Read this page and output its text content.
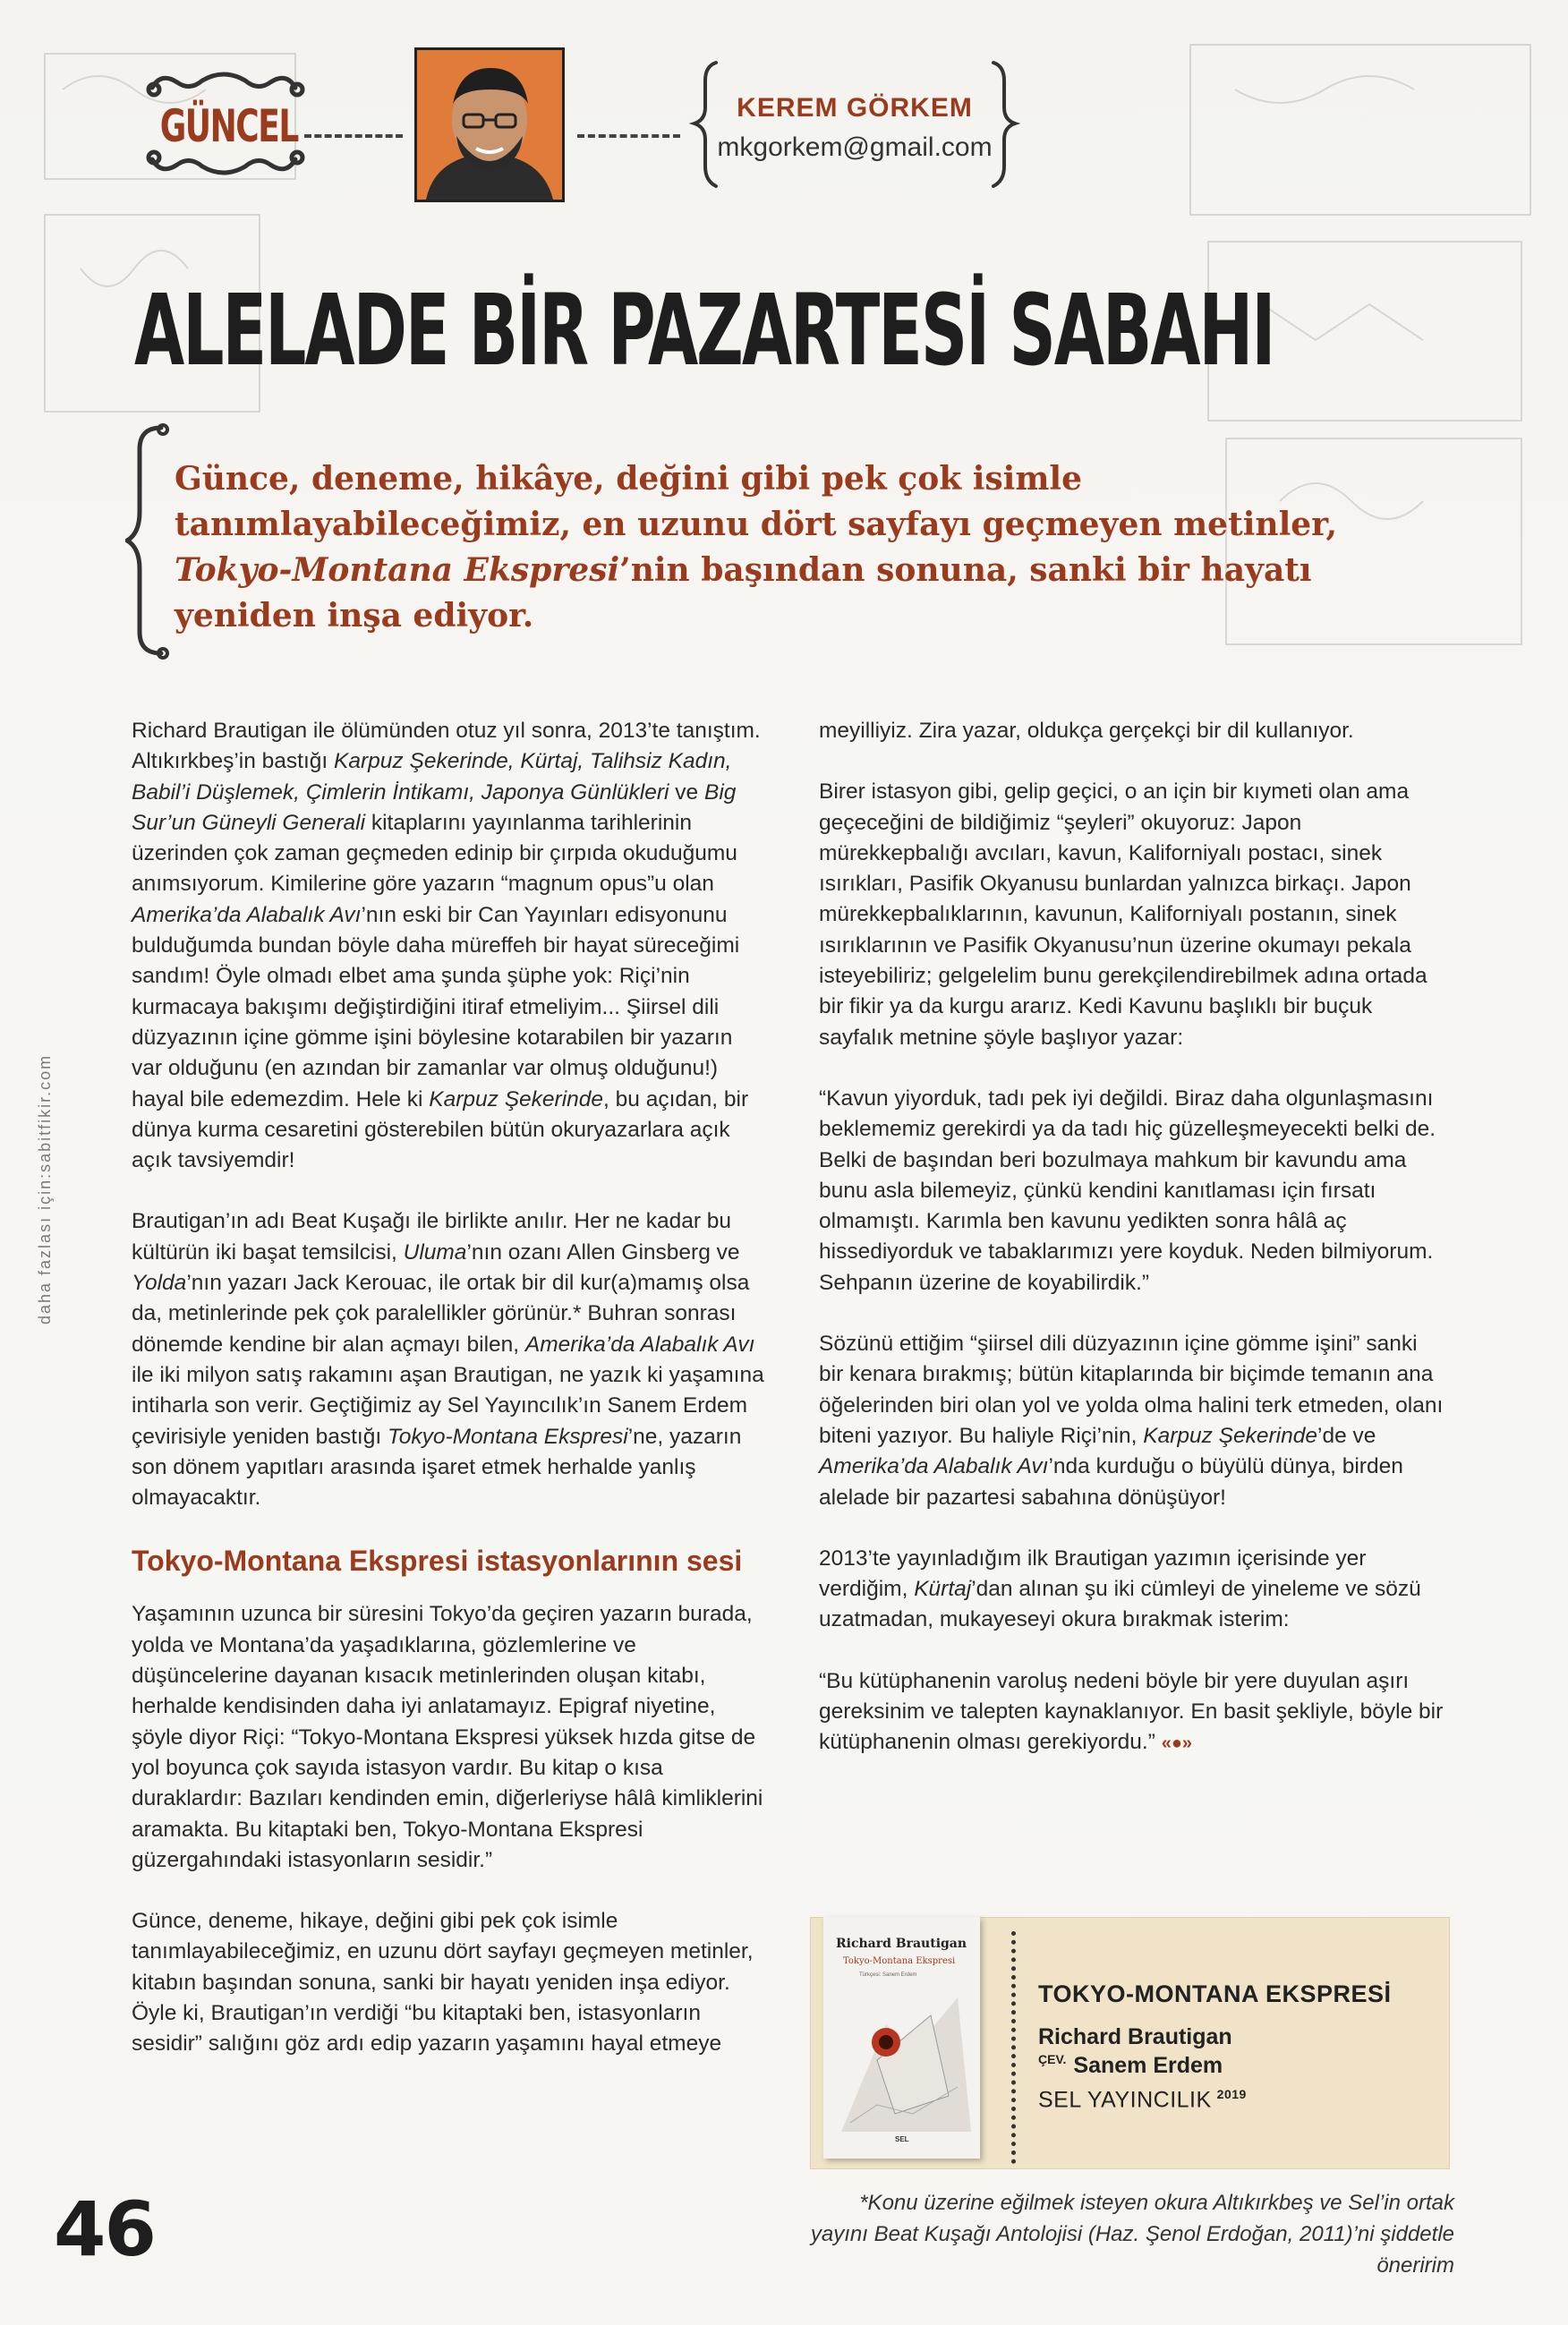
GÜNCEL	KEREM GÖRKEM
mkgorkem@gmail.com
ALELADE BİR PAZARTESİ SABAHI
Günce, deneme, hikâye, değini gibi pek çok isimle
tanımlayabileceğimiz, en uzunu dört sayfayı geçmeyen metinler,
Tokyo-Montana Ekspresi’nin başından sonuna, sanki bir hayatı
yeniden inşa ediyor.
daha fazlası için:sabitfikir.com

Richard Brautigan ile ölümünden otuz yıl sonra, 2013’te tanıştım. Altıkırkbeş’in bastığı Karpuz Şekerinde, Kürtaj, Talihsiz Kadın, Babil’i Düşlemek, Çimlerin İntikamı, Japonya Günlükleri ve Big Sur’un Güneyli Generali kitaplarını yayınlanma tarihlerinin üzerinden çok zaman geçmeden edinip bir çırpıda okuduğumu anımsıyorum. Kimilerine göre yazarın “magnum opus”u olan Amerika’da Alabalık Avı’nın eski bir Can Yayınları edisyonunu bulduğumda bundan böyle daha müreffeh bir hayat süreceğimi sandım! Öyle olmadı elbet ama şunda şüphe yok: Riçi’nin kurmacaya bakışımı değiştirdiğini itiraf etmeliyim... Şiirsel dili düzyazının içine gömme işini böylesine kotarabilen bir yazarın var olduğunu (en azından bir zamanlar var olmuş olduğunu!) hayal bile edemezdim. Hele ki Karpuz Şekerinde, bu açıdan, bir dünya kurma cesaretini gösterebilen bütün okuryazarlara açık açık tavsiyemdir!

Brautigan’ın adı Beat Kuşağı ile birlikte anılır. Her ne kadar bu kültürün iki başat temsilcisi, Uluma’nın ozanı Allen Ginsberg ve Yolda’nın yazarı Jack Kerouac, ile ortak bir dil kur(a)mamış olsa da, metinlerinde pek çok paralellikler görünür.* Buhran sonrası dönemde kendine bir alan açmayı bilen, Amerika’da Alabalık Avı ile iki milyon satış rakamını aşan Brautigan, ne yazık ki yaşamına intiharla son verir. Geçtiğimiz ay Sel Yayıncılık’ın Sanem Erdem çevirisiyle yeniden bastığı Tokyo-Montana Ekspresi’ne, yazarın son dönem yapıtları arasında işaret etmek herhalde yanlış olmayacaktır.

Tokyo-Montana Ekspresi istasyonlarının sesi

Yaşamının uzunca bir süresini Tokyo’da geçiren yazarın burada, yolda ve Montana’da yaşadıklarına, gözlemlerine ve düşüncelerine dayanan kısacık metinlerinden oluşan kitabı, herhalde kendisinden daha iyi anlatamayız. Epigraf niyetine, şöyle diyor Riçi: “Tokyo-Montana Ekspresi yüksek hızda gitse de yol boyunca çok sayıda istasyon vardır. Bu kitap o kısa duraklardır: Bazıları kendinden emin, diğerleriyse hâlâ kimliklerini aramakta. Bu kitaptaki ben, Tokyo-Montana Ekspresi güzergahındaki istasyonların sesidir.”

Günce, deneme, hikaye, değini gibi pek çok isimle tanımlayabileceğimiz, en uzunu dört sayfayı geçmeyen metinler, kitabın başından sonuna, sanki bir hayatı yeniden inşa ediyor. Öyle ki, Brautigan’ın verdiği “bu kitaptaki ben, istasyonların sesidir” salığını göz ardı edip yazarın yaşamını hayal etmeye

meyilliyiz. Zira yazar, oldukça gerçekçi bir dil kullanıyor.

Birer istasyon gibi, gelip geçici, o an için bir kıymeti olan ama geçeceğini de bildiğimiz “şeyleri” okuyoruz: Japon mürekkepbalığı avcıları, kavun, Kaliforniyalı postacı, sinek ısırıkları, Pasifik Okyanusu bunlardan yalnızca birkaçı. Japon mürekkepbalıklarının, kavunun, Kaliforniyalı postanın, sinek ısırıklarının ve Pasifik Okyanusu’nun üzerine okumayı pekala isteyebiliriz; gelgelelim bunu gerekçilendirebilmek adına ortada bir fikir ya da kurgu ararız. Kedi Kavunu başlıklı bir buçuk sayfalık metnine şöyle başlıyor yazar:

“Kavun yiyorduk, tadı pek iyi değildi. Biraz daha olgunlaşmasını beklememiz gerekirdi ya da tadı hiç güzelleşmeyecekti belki de. Belki de başından beri bozulmaya mahkum bir kavundu ama bunu asla bilemeyiz, çünkü kendini kanıtlaması için fırsatı olmamıştı. Karımla ben kavunu yedikten sonra hâlâ aç hissediyorduk ve tabaklarımızı yere koyduk. Neden bilmiyorum. Sehpanın üzerine de koyabilirdik.”

Sözünü ettiğim “şiirsel dili düzyazının içine gömme işini” sanki bir kenara bırakmış; bütün kitaplarında bir biçimde temanın ana öğelerinden biri olan yol ve yolda olma halini terk etmeden, olanı biteni yazıyor. Bu haliyle Riçi’nin, Karpuz Şekerinde’de ve Amerika’da Alabalık Avı’nda kurduğu o büyülü dünya, birden alelade bir pazartesi sabahına dönüşüyor!

2013’te yayınladığım ilk Brautigan yazımın içerisinde yer verdiğim, Kürtaj’dan alınan şu iki cümleyi de yineleme ve sözü uzatmadan, mukayeseyi okura bırakmak isterim:

“Bu kütüphanenin varoluş nedeni böyle bir yere duyulan aşırı gereksinim ve talepten kaynaklanıyor. En basit şekliyle, böyle bir kütüphanenin olması gerekiyordu.” «●»

Richard Brautigan
Tokyo-Montana Ekspresi
Türkçesi: Sanem Erdem
SEL
TOKYO-MONTANA EKSPRESİ
Richard Brautigan
$^{ÇEV.}$ Sanem Erdem
SEL YAYINCILIK $^{2019}$
46	*Konu üzerine eğilmek isteyen okura Altıkırkbeş ve Sel’in ortak yayını Beat Kuşağı Antolojisi (Haz. Şenol Erdoğan, 2011)’ni şiddetle öneririm
